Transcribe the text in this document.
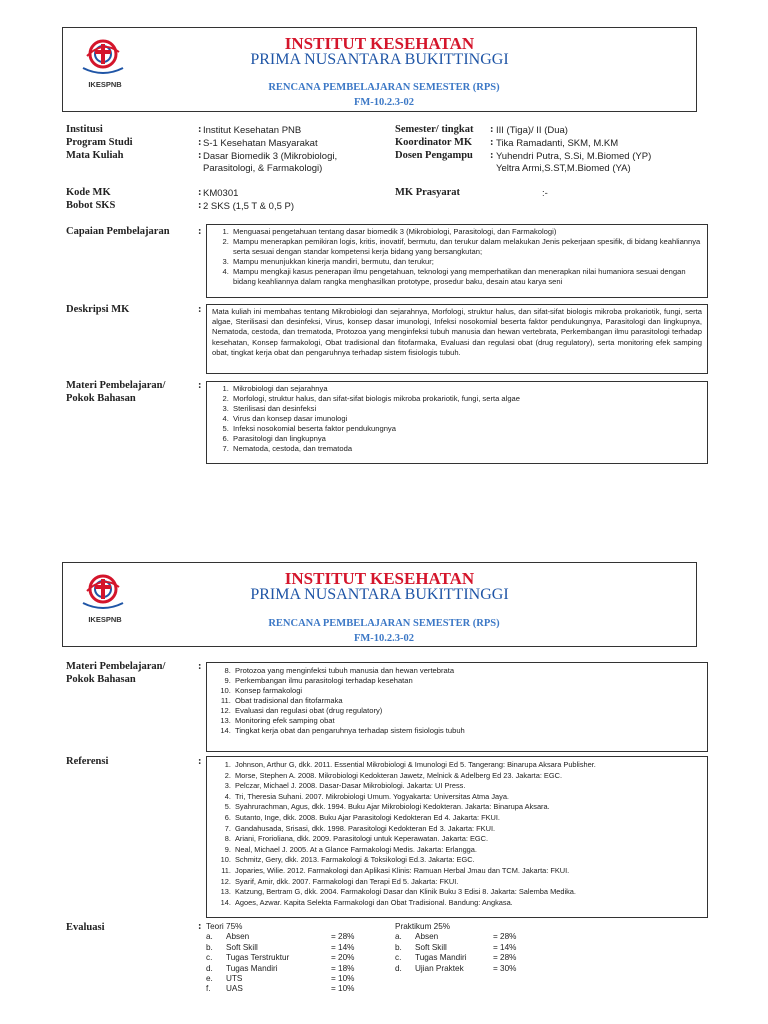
IKESPNB
INSTITUT KESEHATAN
PRIMA NUSANTARA BUKITTINGGI
RENCANA PEMBELAJARAN SEMESTER (RPS)
FM-10.2.3-02
Institusi	: Institut Kesehatan PNB
Program Studi	: S-1 Kesehatan Masyarakat
Mata Kuliah	: Dasar Biomedik 3 (Mikrobiologi,
Parasitologi, & Farmakologi)
Semester/ tingkat : III (Tiga)/ II (Dua)
Koordinator MK : Tika Ramadanti, SKM, M.KM
Dosen Pengampu : Yuhendri Putra, S.Si, M.Biomed (YP)
Yeltra Armi,S.ST,M.Biomed (YA)
Kode MK	: KM0301
Bobot SKS	: 2 SKS (1,5 T & 0,5 P)
MK Prasyarat	:-
Capaian Pembelajaran	:	1. Menguasai pengetahuan tentang dasar biomedik 3 (Mikrobiologi, Parasitologi, dan Farmakologi)
2. Mampu menerapkan pemikiran logis, kritis, inovatif, bermutu, dan terukur dalam melakukan Jenis pekerjaan spesifik, di bidang keahliannya serta sesuai dengan standar kompetensi kerja bidang yang bersangkutan;
3. Mampu menunjukkan kinerja mandiri, bermutu, dan terukur;
4. Mampu mengkaji kasus penerapan ilmu pengetahuan, teknologi yang memperhatikan dan menerapkan nilai humaniora sesuai dengan bidang keahliannya dalam rangka menghasilkan prototype, prosedur baku, desain atau karya seni
Deskripsi MK	:	Mata kuliah ini membahas tentang Mikrobiologi dan sejarahnya, Morfologi, struktur halus, dan sifat-sifat biologis mikroba prokariotik, fungi, serta algae, Sterilisasi dan desinfeksi, Virus, konsep dasar imunologi, Infeksi nosokomial beserta faktor pendukungnya, Parasitologi dan lingkupnya, Nematoda, cestoda, dan trematoda, Protozoa yang menginfeksi tubuh manusia dan hewan vertebrata, Perkembangan ilmu parasitologi terhadap kesehatan, Konsep farmakologi, Obat tradisional dan fitofarmaka, Evaluasi dan regulasi obat (drug regulatory), serta monitoring efek samping obat, tingkat kerja obat dan pengaruhnya terhadap sistem fisiologis tubuh.
Materi Pembelajaran/
Pokok Bahasan
:	1. Mikrobiologi dan sejarahnya
2. Morfologi, struktur halus, dan sifat-sifat biologis mikroba prokariotik, fungi, serta algae
3. Sterilisasi dan desinfeksi
4. Virus dan konsep dasar imunologi
5. Infeksi nosokomial beserta faktor pendukungnya
6. Parasitologi dan lingkupnya
7. Nematoda, cestoda, dan trematoda
IKESPNB
INSTITUT KESEHATAN
PRIMA NUSANTARA BUKITTINGGI
RENCANA PEMBELAJARAN SEMESTER (RPS)
FM-10.2.3-02
Materi Pembelajaran/
Pokok Bahasan
:	8. Protozoa yang menginfeksi tubuh manusia dan hewan vertebrata
9. Perkembangan ilmu parasitologi terhadap kesehatan
10. Konsep farmakologi
11. Obat tradisional dan fitofarmaka
12. Evaluasi dan regulasi obat (drug regulatory)
13. Monitoring efek samping obat
14. Tingkat kerja obat dan pengaruhnya terhadap sistem fisiologis tubuh
Referensi	:	1. Johnson, Arthur G, dkk. 2011. Essential Mikrobiologi & Imunologi Ed 5. Tangerang: Binarupa Aksara Publisher.
2. Morse, Stephen A. 2008. Mikrobiologi Kedokteran Jawetz, Melnick & Adelberg Ed 23. Jakarta: EGC.
3. Pelczar, Michael J. 2008. Dasar-Dasar Mikrobiologi. Jakarta: UI Press.
4. Tri, Theresia Suhani. 2007. Mikrobiologi Umum. Yogyakarta: Universitas Atma Jaya.
5. Syahrurachman, Agus, dkk. 1994. Buku Ajar Mikrobiologi Kedokteran. Jakarta: Binarupa Aksara.
6. Sutanto, Inge, dkk. 2008. Buku Ajar Parasitologi Kedokteran Ed 4. Jakarta: FKUI.
7. Gandahusada, Srisasi, dkk. 1998. Parasitologi Kedokteran Ed 3. Jakarta: FKUI.
8. Ariani, Frorioliana, dkk. 2009. Parasitologi untuk Keperawatan. Jakarta: EGC.
9. Neal, Michael J. 2005. At a Glance Farmakologi Medis. Jakarta: Erlangga.
10. Schmitz, Gery, dkk. 2013. Farmakologi & Toksikologi Ed.3. Jakarta: EGC.
11. Joparies, Wilie. 2012. Farmakologi dan Aplikasi Klinis: Ramuan Herbal Jmau dan TCM. Jakarta: FKUI.
12. Syarif, Amir, dkk. 2007. Farmakologi dan Terapi Ed 5. Jakarta: FKUI.
13. Katzung, Bertram G, dkk. 2004. Farmakologi Dasar dan Klinik Buku 3 Edisi 8. Jakarta: Salemba Medika.
14. Agoes, Azwar. Kapita Selekta Farmakologi dan Obat Tradisional. Bandung: Angkasa.
Evaluasi	: Teori 75%
a.	Absen	= 28%
b.	Soft Skill	= 14%
c.	Tugas Terstruktur	= 20%
d.	Tugas Mandiri	= 18%
e.	UTS	= 10%
f.	UAS	= 10%
Praktikum 25%
a.	Absen	= 28%
b.	Soft Skill	= 14%
c.	Tugas Mandiri	= 28%
d.	Ujian Praktek	= 30%
